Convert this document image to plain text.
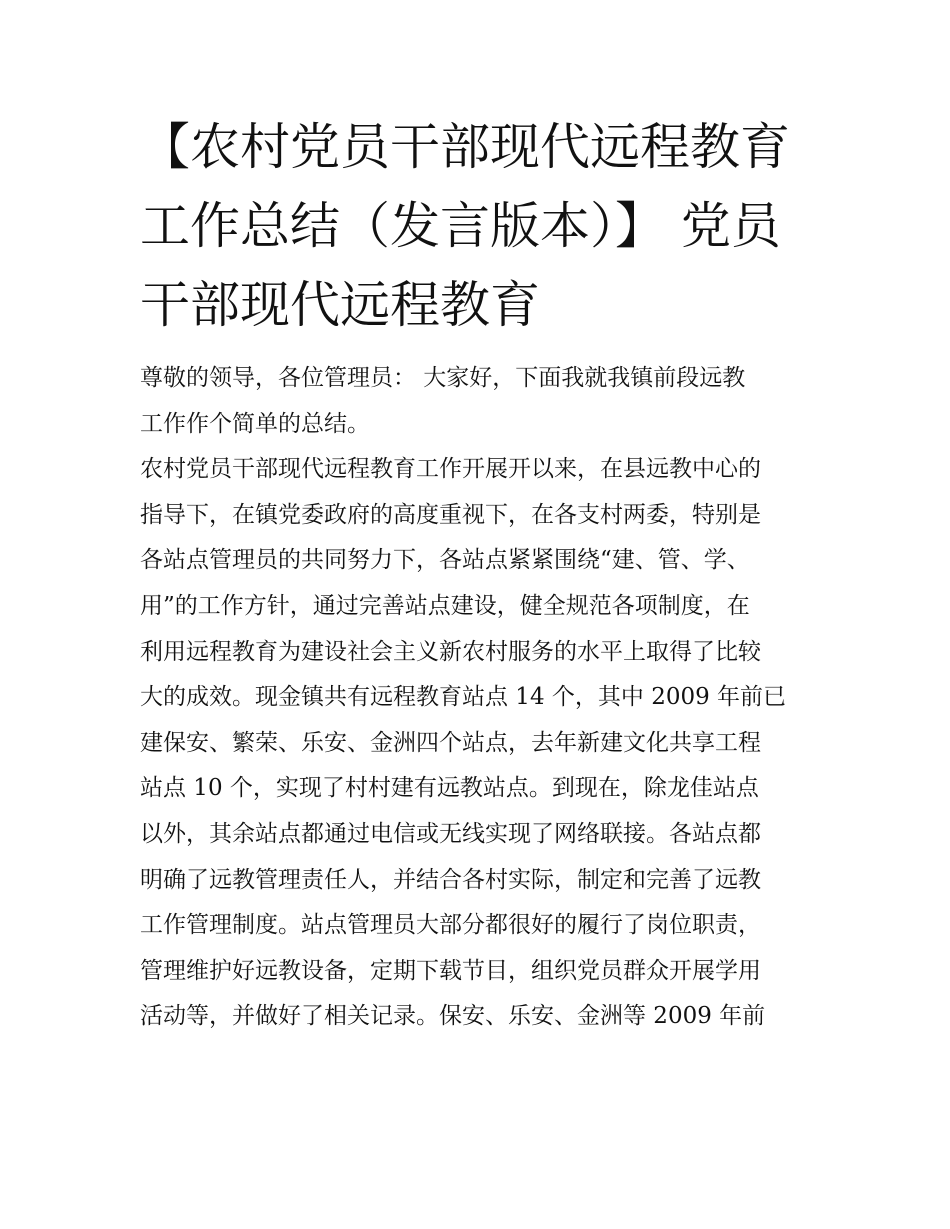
【农村党员干部现代远程教育
工作总结（发言版本）】 党员
干部现代远程教育
尊敬的领导，各位管理员： 大家好，下面我就我镇前段远教
工作作个简单的总结。
农村党员干部现代远程教育工作开展开以来，在县远教中心的
指导下，在镇党委政府的高度重视下，在各支村两委，特别是
各站点管理员的共同努力下，各站点紧紧围绕“建、管、学、
用”的工作方针，通过完善站点建设，健全规范各项制度，在
利用远程教育为建设社会主义新农村服务的水平上取得了比较
大的成效。现金镇共有远程教育站点 14 个，其中 2009 年前已
建保安、繁荣、乐安、金洲四个站点，去年新建文化共享工程
站点 10 个，实现了村村建有远教站点。到现在，除龙佳站点
以外，其余站点都通过电信或无线实现了网络联接。各站点都
明确了远教管理责任人，并结合各村实际，制定和完善了远教
工作管理制度。站点管理员大部分都很好的履行了岗位职责，
管理维护好远教设备，定期下载节目，组织党员群众开展学用
活动等，并做好了相关记录。保安、乐安、金洲等 2009 年前
